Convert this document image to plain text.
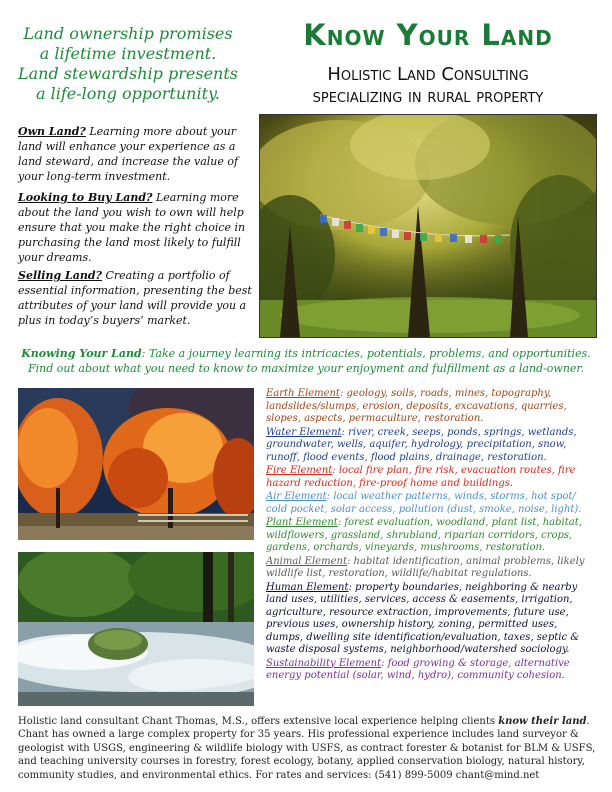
Land ownership promises
a lifetime investment.
Land stewardship presents
a life-long opportunity.
Know Your Land
Holistic Land Consulting
specializing in rural property
Own Land? Learning more about your land will enhance your experience as a land steward, and increase the value of your long-term investment.
Looking to Buy Land? Learning more about the land you wish to own will help ensure that you make the right choice in purchasing the land most likely to fulfill your dreams.
Selling Land? Creating a portfolio of essential information, presenting the best attributes of your land will provide you a plus in today’s buyers’ market.
Knowing Your Land: Take a journey learning its intricacies, potentials, problems, and opportunities.
Find out about what you need to know to maximize your enjoyment and fulfillment as a land-owner.
Earth Element: geology, soils, roads, mines, topography, landslides/slumps, erosion, deposits, excavations, quarries, slopes, aspects, permaculture, restoration.
Water Element: river, creek, seeps, ponds, springs, wetlands, groundwater, wells, aquifer, hydrology, precipitation, snow, runoff, flood events, flood plains, drainage, restoration.
Fire Element: local fire plan, fire risk, evacuation routes, fire hazard reduction, fire-proof home and buildings.
Air Element: local weather patterns, winds, storms, hot spot/ cold pocket, solar access, pollution (dust, smoke, noise, light).
Plant Element: forest evaluation, woodland, plant list, habitat, wildflowers, grassland, shrubland, riparian corridors, crops, gardens, orchards, vineyards, mushrooms, restoration.
Animal Element: habitat identification, animal problems, likely wildlife list, restoration, wildlife/habitat regulations.
Human Element: property boundaries, neighboring & nearby land uses, utilities, services, access & easements, irrigation, agriculture, resource extraction, improvements, future use, previous uses, ownership history, zoning, permitted uses, dumps, dwelling site identification/evaluation, taxes, septic & waste disposal systems, neighborhood/watershed sociology.
Sustainability Element: food growing & storage, alternative energy potential (solar, wind, hydro), community cohesion.
Holistic land consultant Chant Thomas, M.S., offers extensive local experience helping clients know their land. Chant has owned a large complex property for 35 years. His professional experience includes land surveyor & geologist with USGS, engineering & wildlife biology with USFS, as contract forester & botanist for BLM & USFS, and teaching university courses in forestry, forest ecology, botany, applied conservation biology, natural history, community studies, and environmental ethics. For rates and services: (541) 899-5009 chant@mind.net
